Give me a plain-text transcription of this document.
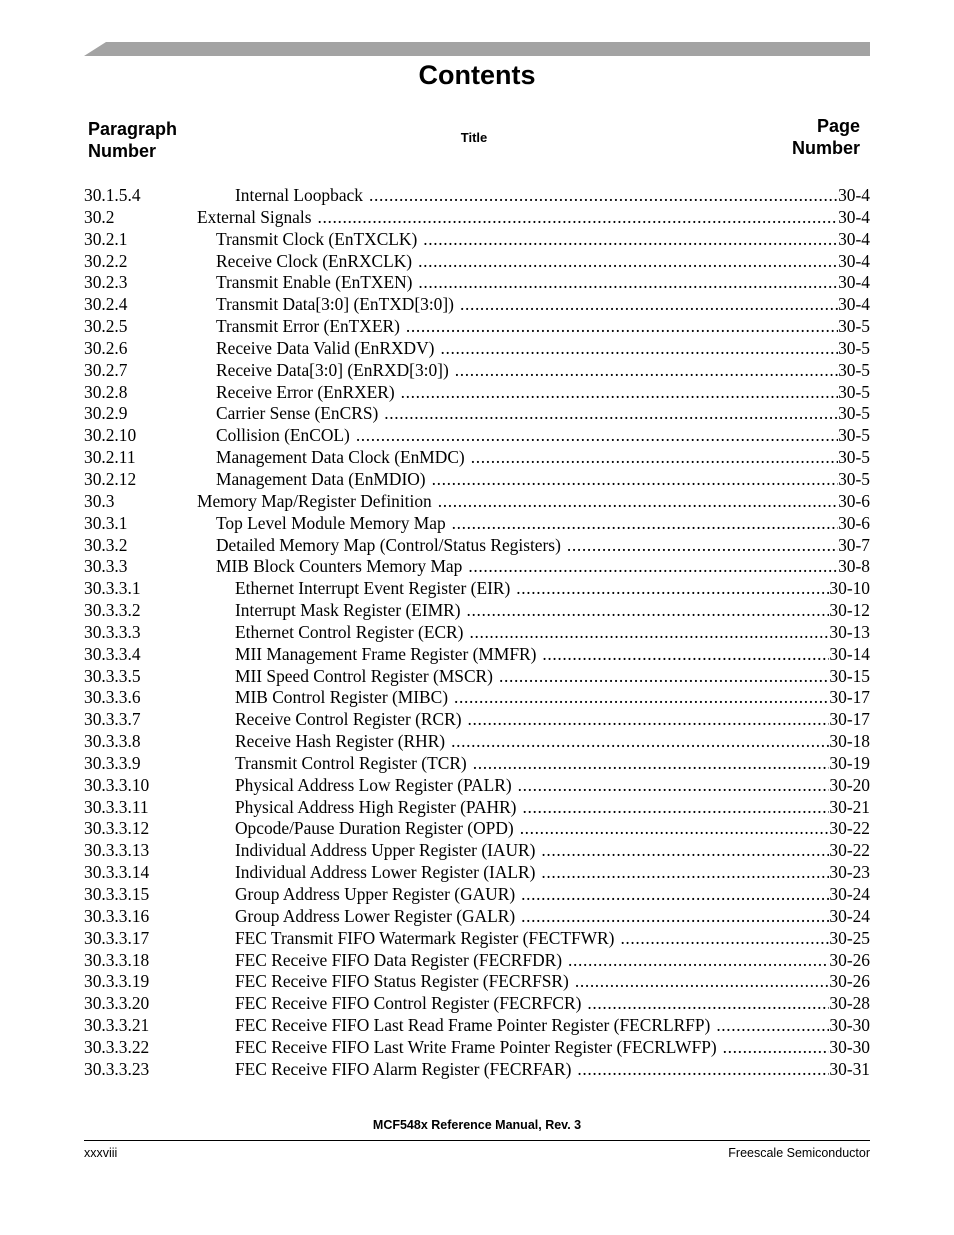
Contents
Paragraph
Number
Title
Page
Number
30.1.5.4	Internal Loopback . . .	30-4
30.2	External Signals . . .	30-4
30.2.1	Transmit Clock (EnTXCLK) . . .	30-4
30.2.2	Receive Clock (EnRXCLK) . . .	30-4
30.2.3	Transmit Enable (EnTXEN) . . .	30-4
30.2.4	Transmit Data[3:0] (EnTXD[3:0]) . . .	30-4
30.2.5	Transmit Error (EnTXER) . . .	30-5
30.2.6	Receive Data Valid (EnRXDV) . . .	30-5
30.2.7	Receive Data[3:0] (EnRXD[3:0]) . . .	30-5
30.2.8	Receive Error (EnRXER) . . .	30-5
30.2.9	Carrier Sense (EnCRS) . . .	30-5
30.2.10	Collision (EnCOL) . . .	30-5
30.2.11	Management Data Clock (EnMDC) . . .	30-5
30.2.12	Management Data (EnMDIO) . . .	30-5
30.3	Memory Map/Register Definition . . .	30-6
30.3.1	Top Level Module Memory Map . . .	30-6
30.3.2	Detailed Memory Map (Control/Status Registers) . . .	30-7
30.3.3	MIB Block Counters Memory Map . . .	30-8
30.3.3.1	Ethernet Interrupt Event Register (EIR) . . .	30-10
30.3.3.2	Interrupt Mask Register (EIMR) . . .	30-12
30.3.3.3	Ethernet Control Register (ECR) . . .	30-13
30.3.3.4	MII Management Frame Register (MMFR) . . .	30-14
30.3.3.5	MII Speed Control Register (MSCR) . . .	30-15
30.3.3.6	MIB Control Register (MIBC) . . .	30-17
30.3.3.7	Receive Control Register (RCR) . . .	30-17
30.3.3.8	Receive Hash Register (RHR) . . .	30-18
30.3.3.9	Transmit Control Register (TCR) . . .	30-19
30.3.3.10	Physical Address Low Register (PALR) . . .	30-20
30.3.3.11	Physical Address High Register (PAHR) . . .	30-21
30.3.3.12	Opcode/Pause Duration Register (OPD) . . .	30-22
30.3.3.13	Individual Address Upper Register (IAUR) . . .	30-22
30.3.3.14	Individual Address Lower Register (IALR) . . .	30-23
30.3.3.15	Group Address Upper Register (GAUR) . . .	30-24
30.3.3.16	Group Address Lower Register (GALR) . . .	30-24
30.3.3.17	FEC Transmit FIFO Watermark Register (FECTFWR) . . .	30-25
30.3.3.18	FEC Receive FIFO Data Register (FECRFDR) . . .	30-26
30.3.3.19	FEC Receive FIFO Status Register (FECRFSR) . . .	30-26
30.3.3.20	FEC Receive FIFO Control Register (FECRFCR) . . .	30-28
30.3.3.21	FEC Receive FIFO Last Read Frame Pointer Register (FECRLRFP) . . .	30-30
30.3.3.22	FEC Receive FIFO Last Write Frame Pointer Register (FECRLWFP) . . .	30-30
30.3.3.23	FEC Receive FIFO Alarm Register (FECRFAR) . . .	30-31
MCF548x Reference Manual, Rev. 3
xxxviii	Freescale Semiconductor
